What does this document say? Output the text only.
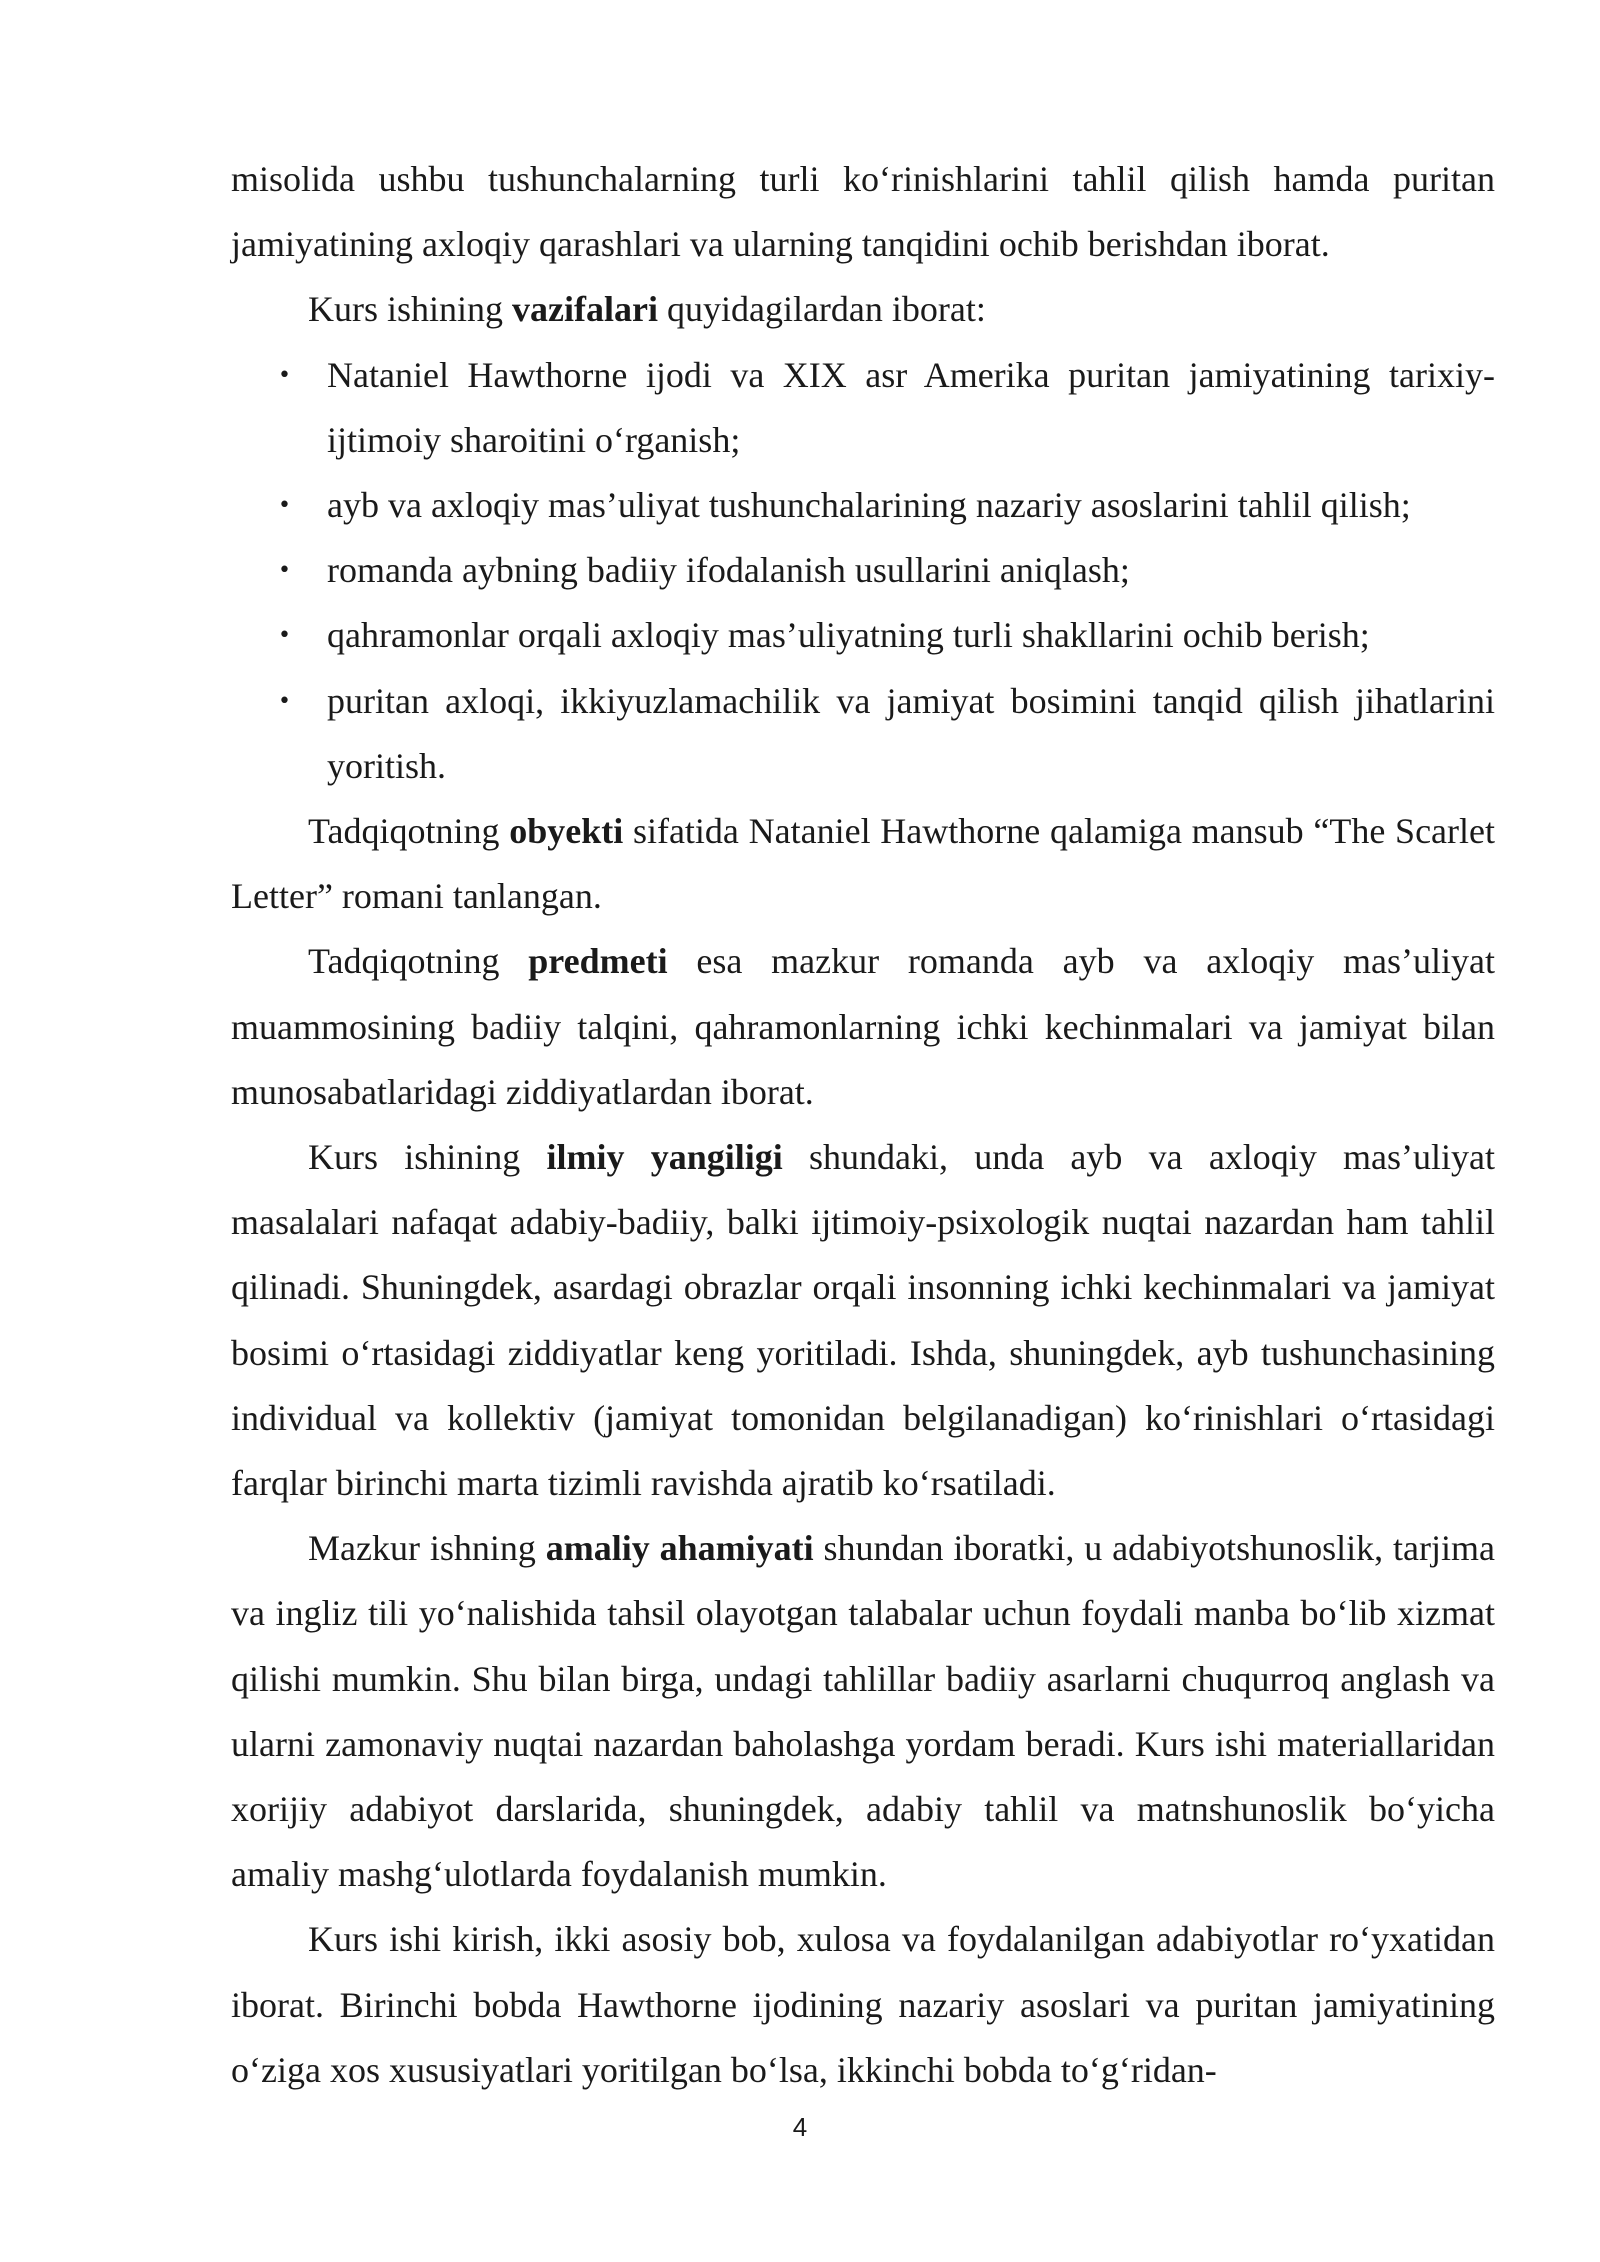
misolida ushbu tushunchalarning turli ko‘rinishlarini tahlil qilish hamda puritan jamiyatining axloqiy qarashlari va ularning tanqidini ochib berishdan iborat.

Kurs ishining vazifalari quyidagilardan iborat:

• Nataniel Hawthorne ijodi va XIX asr Amerika puritan jamiyatining tarixiy-ijtimoiy sharoitini o‘rganish;
• ayb va axloqiy mas’uliyat tushunchalarining nazariy asoslarini tahlil qilish;
• romanda aybning badiiy ifodalanish usullarini aniqlash;
• qahramonlar orqali axloqiy mas’uliyatning turli shakllarini ochib berish;
• puritan axloqi, ikkiyuzlamachilik va jamiyat bosimini tanqid qilish jihatlarini yoritish.

Tadqiqotning obyekti sifatida Nataniel Hawthorne qalamiga mansub “The Scarlet Letter” romani tanlangan.

Tadqiqotning predmeti esa mazkur romanda ayb va axloqiy mas’uliyat muammosining badiiy talqini, qahramonlarning ichki kechinmalari va jamiyat bilan munosabatlaridagi ziddiyatlardan iborat.

Kurs ishining ilmiy yangiligi shundaki, unda ayb va axloqiy mas’uliyat masalalari nafaqat adabiy-badiiy, balki ijtimoiy-psixologik nuqtai nazardan ham tahlil qilinadi. Shuningdek, asardagi obrazlar orqali insonning ichki kechinmalari va jamiyat bosimi o‘rtasidagi ziddiyatlar keng yoritiladi. Ishda, shuningdek, ayb tushunchasining individual va kollektiv (jamiyat tomonidan belgilanadigan) ko‘rinishlari o‘rtasidagi farqlar birinchi marta tizimli ravishda ajratib ko‘rsatiladi.

Mazkur ishning amaliy ahamiyati shundan iboratki, u adabiyotshunoslik, tarjima va ingliz tili yo‘nalishida tahsil olayotgan talabalar uchun foydali manba bo‘lib xizmat qilishi mumkin. Shu bilan birga, undagi tahlillar badiiy asarlarni chuqurroq anglash va ularni zamonaviy nuqtai nazardan baholashga yordam beradi. Kurs ishi materiallaridan xorijiy adabiyot darslarida, shuningdek, adabiy tahlil va matnshunoslik bo‘yicha amaliy mashg‘ulotlarda foydalanish mumkin.

Kurs ishi kirish, ikki asosiy bob, xulosa va foydalanilgan adabiyotlar ro‘yxatidan iborat. Birinchi bobda Hawthorne ijodining nazariy asoslari va puritan jamiyatining o‘ziga xos xususiyatlari yoritilgan bo‘lsa, ikkinchi bobda to‘g‘ridan-

4
